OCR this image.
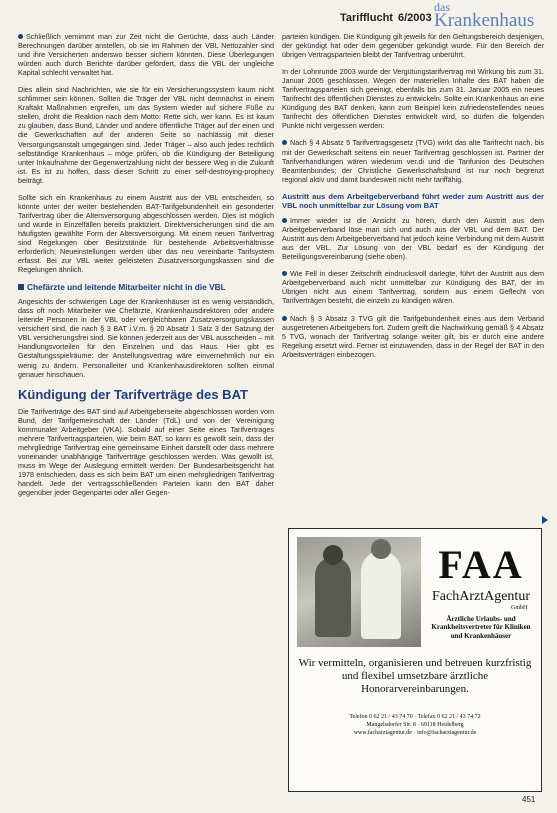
Tarifflucht 6/2003
das
Krankenhaus

Schließlich vernimmt man zur Zeit nicht die Gerüchte, dass auch Länder Berechnungen darüber anstellen, ob sie im Rahmen der VBL Nettozahler sind und ihre Versicherten anderswo besser sichern könnten. Diese Überlegungen würden auch durch Berichte darüber gefördert, dass die VBL der ungleiche Kapital schlecht verwaltet hat.

Dies allein sind Nachrichten, wie sie für ein Versicherungssystem kaum nicht schlimmer sein können. Sollten die Träger der VBL nicht demnächst in einem Kraftakt Maßnahmen ergreifen, um das System wieder auf sichere Füße zu stellen, droht die Reaktion nach dem Motto: Rette sich, wer kann. Es ist kaum zu glauben, dass Bund, Länder und andere öffentliche Träger auf der einen und die Gewerkschaften auf der anderen Seite so nachlässig mit dieser Versorgungsanstalt umgegangen sind. Jeder Träger – also auch jedes rechtlich selbständige Krankenhaus – möge prüfen, ob die Kündigung der Beteiligung unter Inkaufnahme der Gegenwertzahlung nicht der bessere Weg in die Zukunft ist. Es ist zu hoffen, dass dieser Schritt zu einer self-destroying-prophecy beiträgt.

Sollte sich ein Krankenhaus zu einem Austritt aus der VBL entscheiden, so könnte unter der weiter bestehenden BAT-Tarifgebundenheit ein gesonderter Tarifvertrag über die Altersversorgung abgeschlossen werden. Dies ist möglich und wurde in Einzelfällen bereits praktiziert. Direktversicherungen sind die am häufigsten gewählte Form der Altersversorgung. Mit einem neuen Tarifvertrag sind Regelungen über Besitzstände für bestehende Arbeitsverhältnisse erforderlich; Neueinstellungen werden über das neu vereinbarte Tarifsystem erfasst. Bei zur VBL weiter geleisteten Zusatzversorgungskassen sind die Regelungen ähnlich.

Chefärzte und leitende Mitarbeiter nicht in die VBL

Angesichts der schwierigen Lage der Krankenhäuser ist es wenig verständlich, dass oft noch Mitarbeiter wie Chefärzte, Krankenhausdirektoren oder andere leitende Personen in der VBL oder vergleichbaren Zusatzversorgungskassen versichert sind, die nach § 3 BAT i.V.m. § 20 Absatz 1 Satz 3 der Satzung der VBL versicherungsfrei sind. Sie können jederzeit aus der VBL ausscheiden – mit Handlungsvorteilen für den Einzelnen und das Haus. Hier gibt es Gestaltungsspielräume: der Anstellungsvertrag wäre einvernehmlich nur ein wenig zu ändern. Personalleiter und Krankenhausdirektoren sollten einmal genauer hinschauen.

Kündigung der Tarifverträge des BAT

Die Tarifverträge des BAT sind auf Arbeitgeberseite abgeschlossen worden vom Bund, der Tarifgemeinschaft der Länder (TdL) und von der Vereinigung kommunaler Arbeitgeber (VKA). Sobald auf einer Seite eines Tarifvertrages mehrere Tarifvertragsparteien, wie beim BAT, so kann es gewollt sein, dass der mehrgliedrige Tarifvertrag eine gemeinsame Einheit darstellt oder dass mehrere voneinander unabhängige Tarifverträge geschlossen werden. Was gewollt ist, muss im Wege der Auslegung ermittelt werden. Der Bundesarbeitsgericht hat 1978 entschieden, dass es sich beim BAT um einen mehrgliedrigen Tarifvertrag handelt. Jede der vertragsschließenden Parteien kann den BAT daher gegenüber jeder Gegenpartei oder aller Gegen-

parteien kündigen. Die Kündigung gilt jeweils für den Geltungsbereich desjenigen, der gekündigt hat oder dem gegenüber gekündigt wurde. Für den Bereich der übrigen Vertragsparteien bleibt der Tarifvertrag unberührt.

In der Lohnrunde 2003 wurde der Vergütungstarifvertrag mit Wirkung bis zum 31. Januar 2005 geschlossen. Wegen der materiellen Inhalte des BAT haben die Tarifvertragsparteien sich geeinigt, ebenfalls bis zum 31. Januar 2005 ein neues Tarifrecht des öffentlichen Dienstes zu entwickeln. Sollte ein Krankenhaus an eine Kündigung des BAT denken, kann zum Beispiel kein zufriedenstellendes neues Tarifrecht des öffentlichen Dienstes entwickelt wird, so dürfen die folgenden Punkte nicht vergessen werden:

Nach § 4 Absatz 5 Tarifvertragsgesetz (TVG) wirkt das alte Tarifrecht nach, bis mit der Gewerkschaft seitens ein neuer Tarifvertrag geschlossen ist. Partner der Tarifverhandlungen wären wiederum ver.di und die Tarifunion des Deutschen Beamtenbundes; der Christliche Gewerkschaftsbund ist nur noch begrenzt regional aktiv und damit bundesweit nicht mehr tariffähig.

Austritt aus dem Arbeitgeberverband führt weder zum Austritt aus der VBL noch unmittelbar zur Lösung vom BAT

Immer wieder ist die Ansicht zu hören, durch den Austritt aus dem Arbeitgeberverband löse man sich und auch aus der VBL und dem BAT. Der Austritt aus dem Arbeitgeberverband hat jedoch keine Verbindung mit dem Austritt aus der VBL. Zur Lösung von der VBL bedarf es der Kündigung der Beteiligungsvereinbarung (siehe oben).

Wie Fell in dieser Zeitschrift eindrucksvoll darlegte, führt der Austritt aus dem Arbeitgeberverband auch nicht unmittelbar zur Kündigung des BAT, der im Übrigen nicht aus einem Tarifvertrag, sondern aus einem Geflecht von Tarifverträgen besteht, die einzeln zu kündigen wären.

Nach § 3 Absatz 3 TVG gilt die Tarifgebundenheit eines aus dem Verband ausgetretenen Arbeitgebers fort. Zudem greift die Nachwirkung gemäß § 4 Absatz 5 TVG, wonach der Tarifvertrag solange weiter gilt, bis er durch eine andere Regelung ersetzt wird. Ferner ist einzuwenden, dass in der Regel der BAT in den Arbeitsverträgen einbezogen.

FAA
FachArztAgentur
GmbH
Ärztliche Urlaubs- und Krankheitsvertreter für Kliniken und Krankenhäuser
Wir vermitteln, organisieren und betreuen kurzfristig und flexibel umsetzbare ärztliche Honorarvereinbarungen.
Telefon 0 62 21 / 43 74 70 · Telefax 0 62 21 / 43 74 72
Mangelsdorfer Str. 8 · 69118 Heidelberg
www.facharztagentur.de · info@facharztagentur.de
451
